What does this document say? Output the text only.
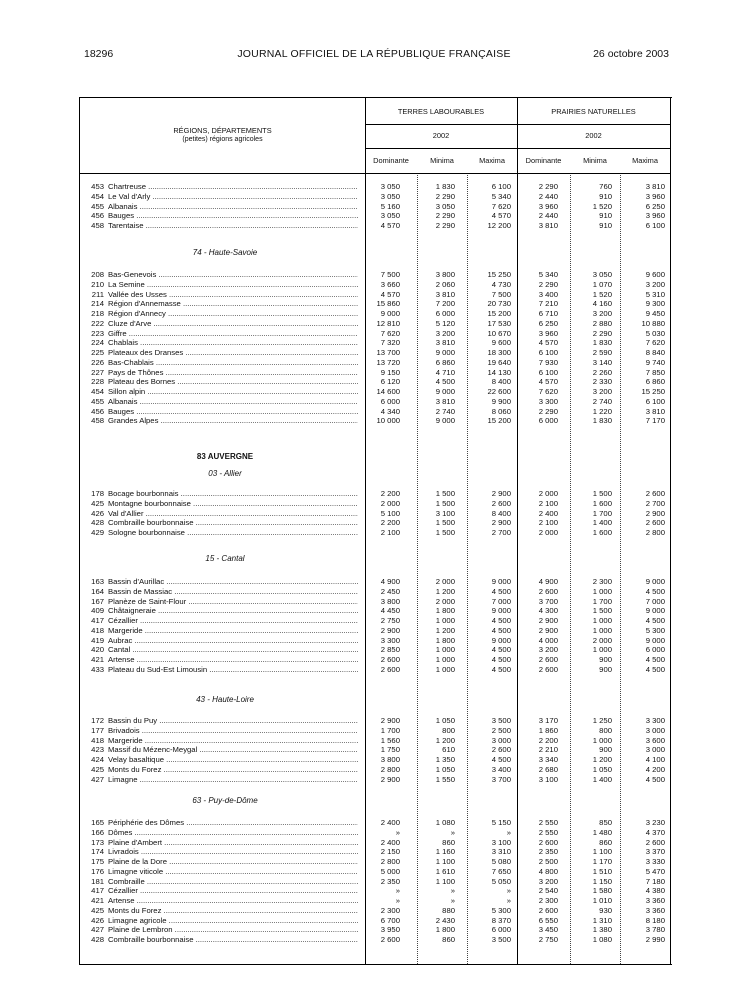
JOURNAL OFFICIEL DE LA RÉPUBLIQUE FRANÇAISE
18296	26 octobre 2003
RÉGIONS, DÉPARTEMENTS
(petites) régions agricoles
TERRES LABOURABLES	PRAIRIES NATURELLES
2002	2002
Dominante	Minima	Maxima	Dominante	Minima	Maxima
453 Chartreuse .....	3 050	1 830	6 100	2 290	760	3 810
454 Le Val d'Arly .....	3 050	2 290	5 340	2 440	910	3 960
455 Albanais .....	5 160	3 050	7 620	3 960	1 520	6 250
456 Bauges .....	3 050	2 290	4 570	2 440	910	3 960
458 Tarentaise .....	4 570	2 290	12 200	3 810	910	6 100
74 - Haute-Savoie
208 Bas-Genevois .....	7 500	3 800	15 250	5 340	3 050	9 600
210 La Semine .....	3 660	2 060	4 730	2 290	1 070	3 200
211 Vallée des Usses .....	4 570	3 810	7 500	3 400	1 520	5 310
214 Région d'Annemasse .....	15 860	7 200	20 730	7 210	4 160	9 300
218 Région d'Annecy .....	9 000	6 000	15 200	6 710	3 200	9 450
222 Cluze d'Arve .....	12 810	5 120	17 530	6 250	2 880	10 880
223 Giffre .....	7 620	3 200	10 670	3 960	2 290	5 030
224 Chablais .....	7 320	3 810	9 600	4 570	1 830	7 620
225 Plateaux des Dranses .....	13 700	9 000	18 300	6 100	2 590	8 840
226 Bas-Chablais .....	13 720	6 860	19 640	7 930	3 140	9 740
227 Pays de Thônes .....	9 150	4 710	14 130	6 100	2 260	7 850
228 Plateau des Bornes .....	6 120	4 500	8 400	4 570	2 330	6 860
454 Sillon alpin .....	14 600	9 000	22 600	7 620	3 200	15 250
455 Albanais .....	6 000	3 810	9 900	3 300	2 740	6 100
456 Bauges .....	4 340	2 740	8 060	2 290	1 220	3 810
458 Grandes Alpes .....	10 000	9 000	15 200	6 000	1 830	7 170
83 AUVERGNE
03 - Allier
178 Bocage bourbonnais .....	2 200	1 500	2 900	2 000	1 500	2 600
425 Montagne bourbonnaise .....	2 000	1 500	2 600	2 100	1 600	2 700
426 Val d'Allier .....	5 100	3 100	8 400	2 400	1 700	2 900
428 Combraille bourbonnaise .....	2 200	1 500	2 900	2 100	1 400	2 600
429 Sologne bourbonnaise .....	2 100	1 500	2 700	2 000	1 600	2 800
15 - Cantal
163 Bassin d'Aurillac .....	4 900	2 000	9 000	4 900	2 300	9 000
164 Bassin de Massiac .....	2 450	1 200	4 500	2 600	1 000	4 500
167 Planèze de Saint-Flour .....	3 800	2 000	7 000	3 700	1 700	7 000
409 Châtaigneraie .....	4 450	1 800	9 000	4 300	1 500	9 000
417 Cézallier .....	2 750	1 000	4 500	2 900	1 000	4 500
418 Margeride .....	2 900	1 200	4 500	2 900	1 000	5 300
419 Aubrac .....	3 300	1 800	9 000	4 000	2 000	9 000
420 Cantal .....	2 850	1 000	4 500	3 200	1 000	6 000
421 Artense .....	2 600	1 000	4 500	2 600	900	4 500
433 Plateau du Sud-Est Limousin .....	2 600	1 000	4 500	2 600	900	4 500
43 - Haute-Loire
172 Bassin du Puy .....	2 900	1 050	3 500	3 170	1 250	3 300
177 Brivadois .....	1 700	800	2 500	1 860	800	3 000
418 Margeride .....	1 560	1 200	3 000	2 200	1 000	3 600
423 Massif du Mézenc-Meygal .....	1 750	610	2 600	2 210	900	3 000
424 Velay basaltique .....	3 800	1 350	4 500	3 340	1 200	4 100
425 Monts du Forez .....	2 800	1 050	3 400	2 680	1 050	4 200
427 Limagne .....	2 900	1 550	3 700	3 100	1 400	4 500
63 - Puy-de-Dôme
165 Périphérie des Dômes .....	2 400	1 080	5 150	2 550	850	3 230
166 Dômes .....	»	»	»	2 550	1 480	4 370
173 Plaine d'Ambert .....	2 400	860	3 100	2 600	860	2 600
174 Livradois .....	2 150	1 160	3 310	2 350	1 100	3 370
175 Plaine de la Dore .....	2 800	1 100	5 080	2 500	1 170	3 330
176 Limagne viticole .....	5 000	1 610	7 650	4 800	1 510	5 470
181 Combraille .....	2 350	1 100	5 050	3 200	1 150	7 180
417 Cézallier .....	»	»	»	2 540	1 580	4 380
421 Artense .....	»	»	»	2 300	1 010	3 360
425 Monts du Forez .....	2 300	880	5 300	2 600	930	3 360
426 Limagne agricole .....	6 700	2 430	8 370	6 550	1 310	8 180
427 Plaine de Lembron .....	3 950	1 800	6 000	3 450	1 380	3 780
428 Combraille bourbonnaise .....	2 600	860	3 500	2 750	1 080	2 990
